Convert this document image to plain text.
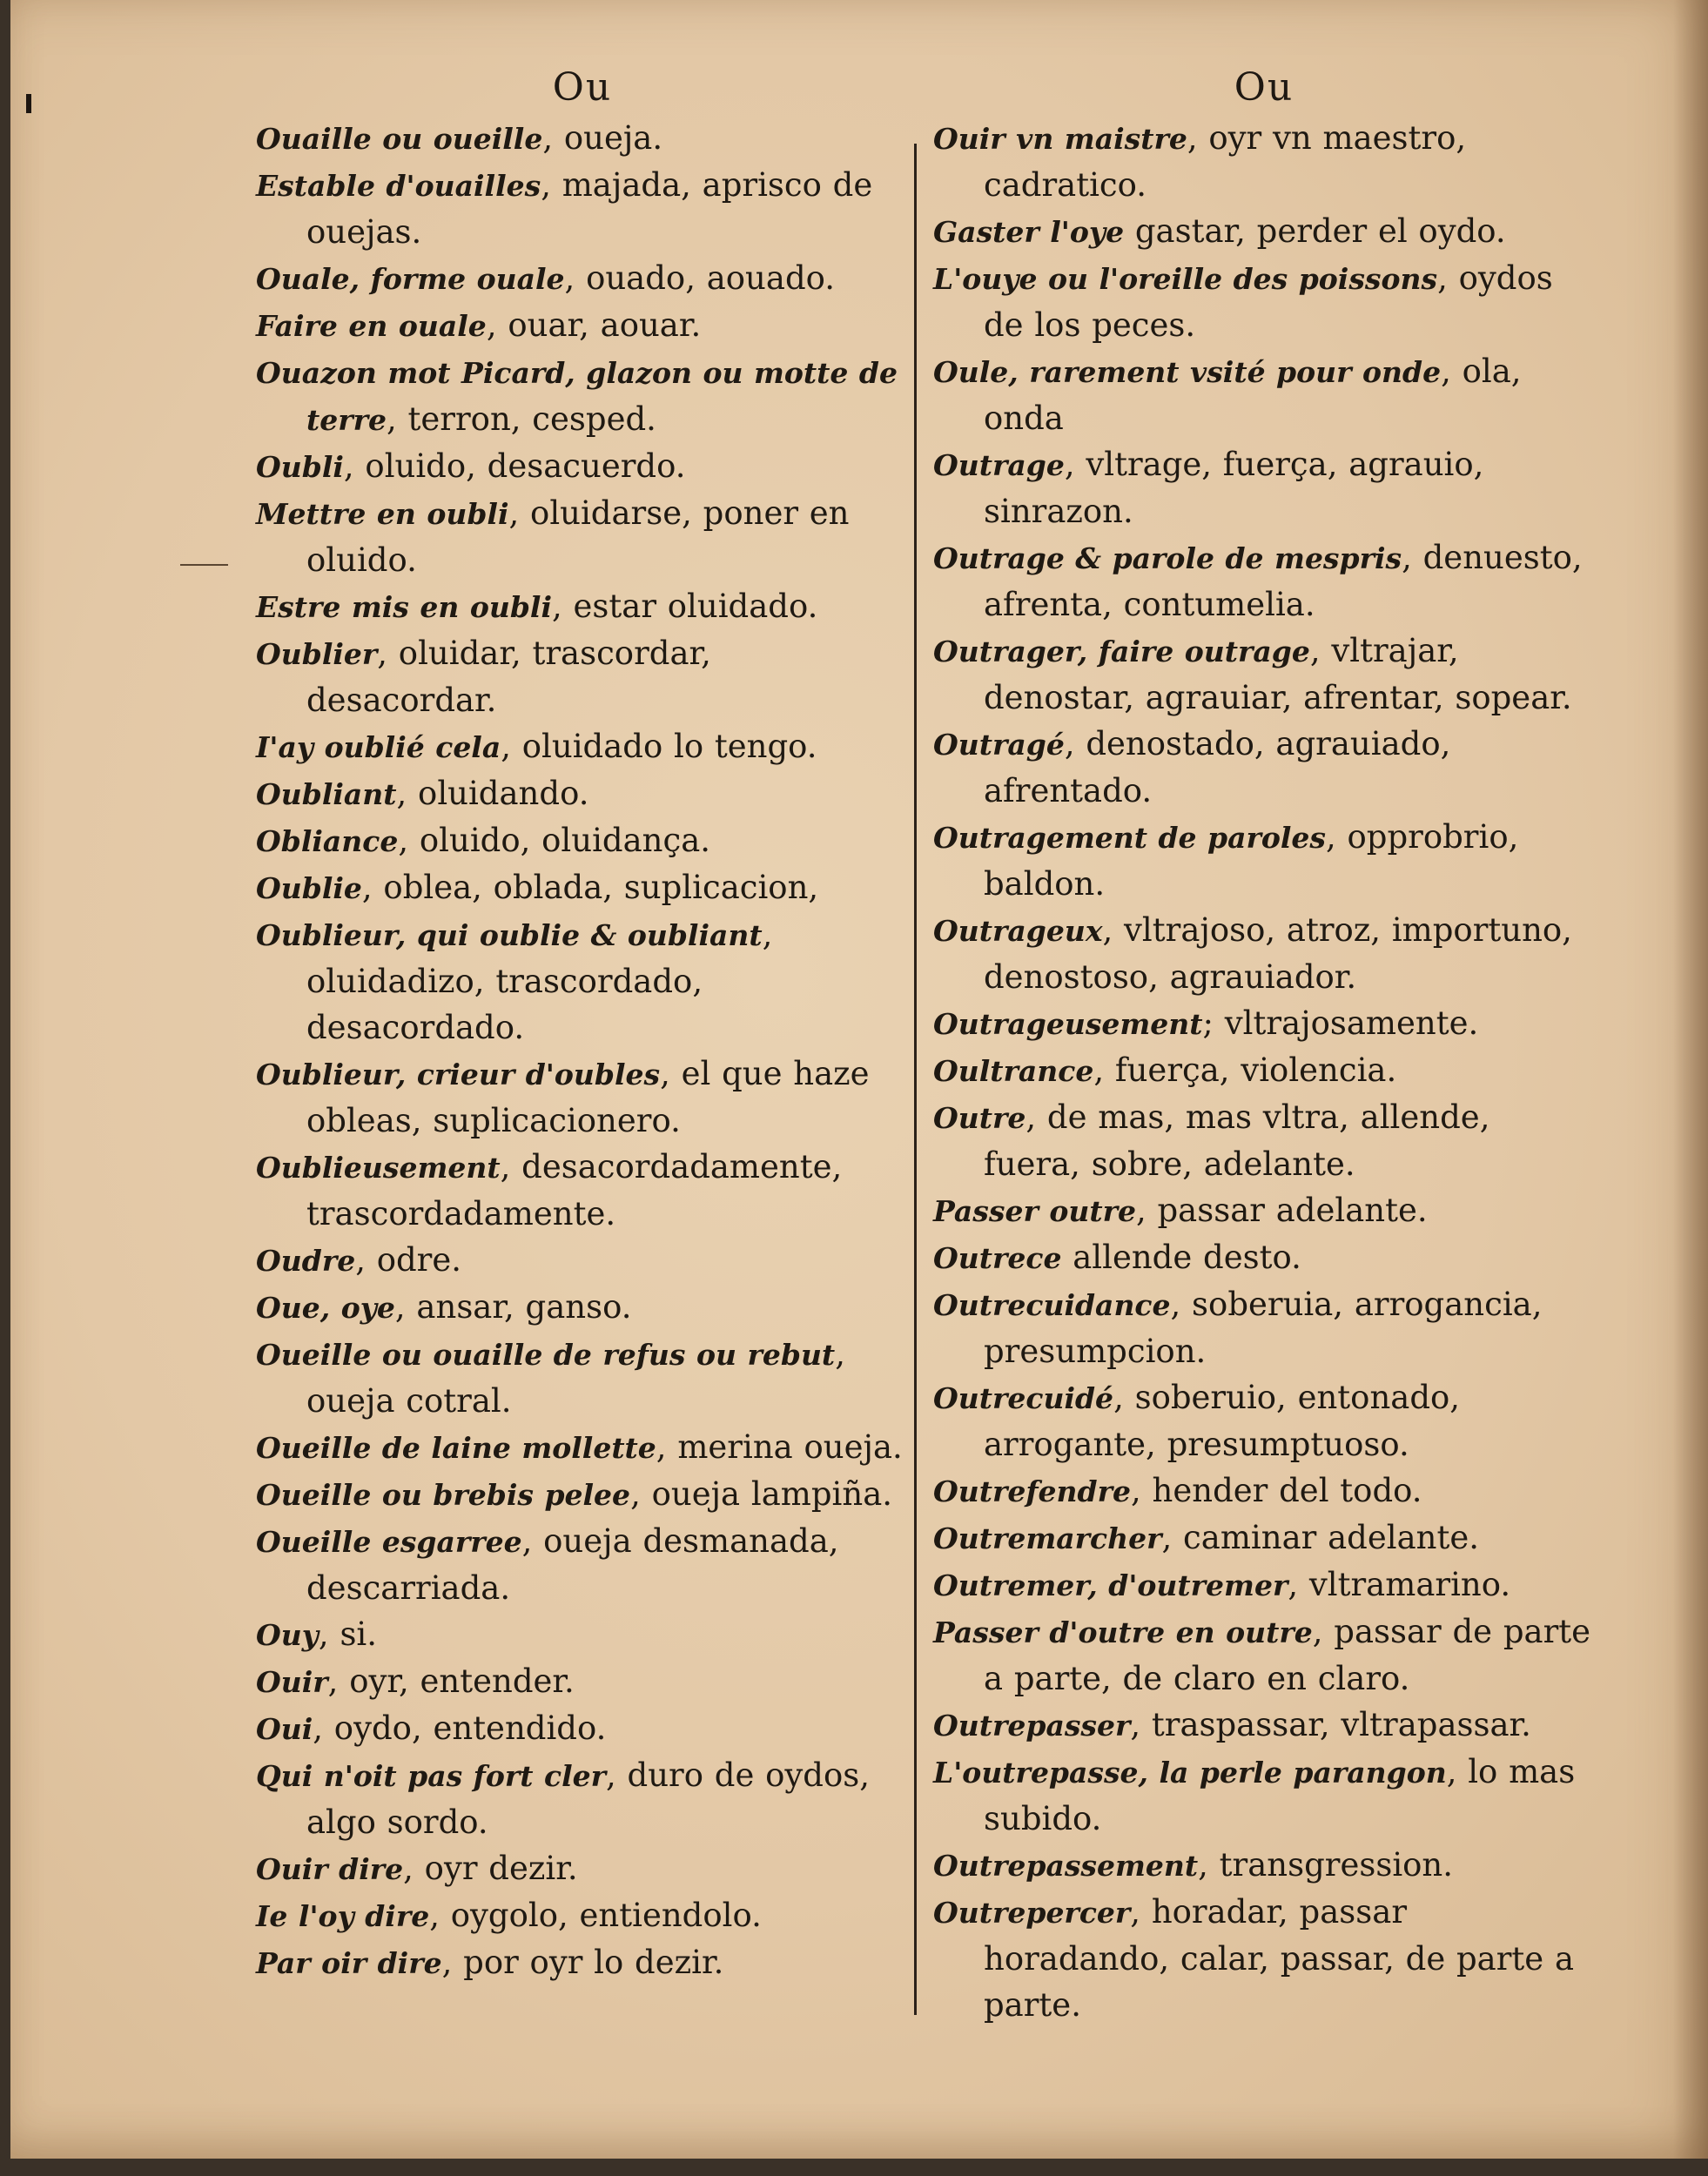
Ou
Ouaille ou oueille, oueja.
Estable d'ouailles, majada, aprisco de ouejas.
Ouale, forme ouale, ouado, aouado.
Faire en ouale, ouar, aouar.
Ouazon mot Picard, glazon ou motte de terre, terron, cesped.
Oubli, oluido, desacuerdo.
Mettre en oubli, oluidarse, poner en oluido.
Estre mis en oubli, estar oluidado.
Oublier, oluidar, trascordar, desacordar.
I'ay oublié cela, oluidado lo tengo.
Oubliant, oluidando.
Obliance, oluido, oluidança.
Oublie, oblea, oblada, suplicacion,
Oublieur, qui oublie & oubliant, oluidadizo, trascordado, desacordado.
Oublieur, crieur d'oubles, el que haze obleas, suplicacionero.
Oublieusement, desacordadamente, trascordadamente.
Oudre, odre.
Oue, oye, ansar, ganso.
Oueille ou ouaille de refus ou rebut, oueja cotral.
Oueille de laine mollette, merina oueja.
Oueille ou brebis pelee, oueja lampiña.
Oueille esgarree, oueja desmanada, descarriada.
Ouy, si.
Ouir, oyr, entender.
Oui, oydo, entendido.
Qui n'oit pas fort cler, duro de oydos, algo sordo.
Ouir dire, oyr dezir.
Ie l'oy dire, oygolo, entiendolo.
Par oir dire, por oyr lo dezir.
Ou
Ouir vn maistre, oyr vn maestro, cadratico.
Gaster l'oye gastar, perder el oydo.
L'ouye ou l'oreille des poissons, oydos de los peces.
Oule, rarement vsité pour onde, ola, onda
Outrage, vltrage, fuerça, agrauio, sinrazon.
Outrage & parole de mespris, denuesto, afrenta, contumelia.
Outrager, faire outrage, vltrajar, denostar, agrauiar, afrentar, sopear.
Outragé, denostado, agrauiado, afrentado.
Outragement de paroles, opprobrio, baldon.
Outrageux, vltrajoso, atroz, importuno, denostoso, agrauiador.
Outrageusement; vltrajosamente.
Oultrance, fuerça, violencia.
Outre, de mas, mas vltra, allende, fuera, sobre, adelante.
Passer outre, passar adelante.
Outrece allende desto.
Outrecuidance, soberuia, arrogancia, presumpcion.
Outrecuidé, soberuio, entonado, arrogante, presumptuoso.
Outrefendre, hender del todo.
Outremarcher, caminar adelante.
Outremer, d'outremer, vltramarino.
Passer d'outre en outre, passar de parte a parte, de claro en claro.
Outrepasser, traspassar, vltrapassar.
L'outrepasse, la perle parangon, lo mas subido.
Outrepassement, transgression.
Outrepercer, horadar, passar horadando, calar, passar, de parte a parte.
